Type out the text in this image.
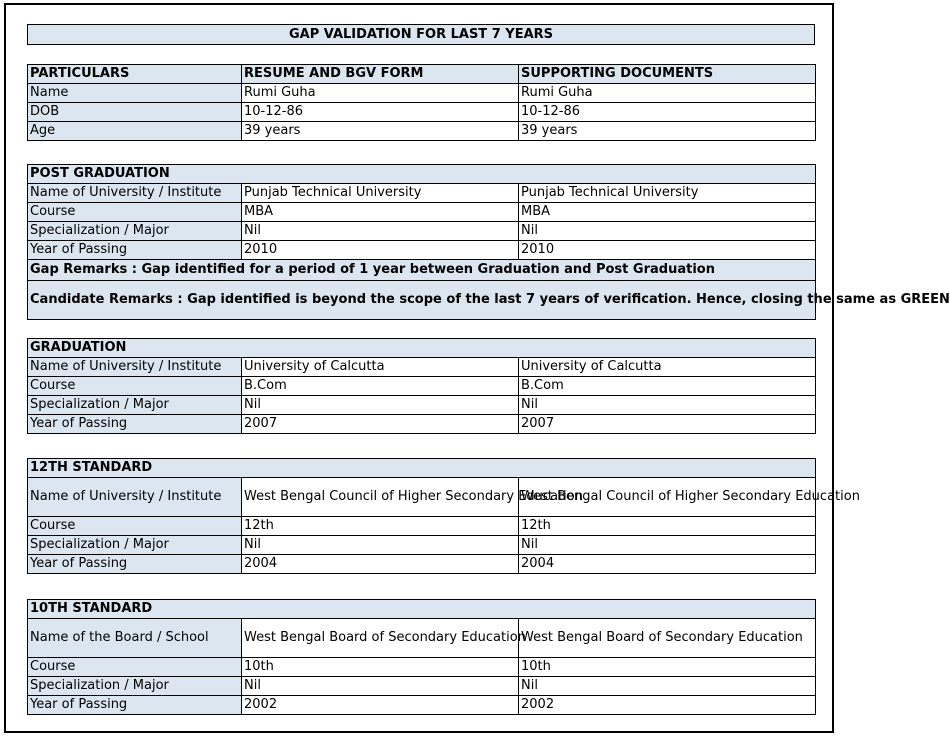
GAP VALIDATION FOR LAST 7 YEARS
PARTICULARS	RESUME AND BGV FORM	SUPPORTING DOCUMENTS
Name	Rumi Guha	Rumi Guha
DOB	10-12-86	10-12-86
Age	39 years	39 years
POST GRADUATION		
Name of University / Institute	Punjab Technical University	Punjab Technical University
Course	MBA	MBA
Specialization / Major	Nil	Nil
Year of Passing	2010	2010
Gap Remarks : Gap identified for a period of 1 year between Graduation and Post Graduation		
Candidate Remarks : Gap identified is beyond the scope of the last 7 years of verification. Hence, closing the same as GREEN		
GRADUATION		
Name of University / Institute	University of Calcutta	University of Calcutta
Course	B.Com	B.Com
Specialization / Major	Nil	Nil
Year of Passing	2007	2007
12TH STANDARD		
Name of University / Institute	West Bengal Council of Higher Secondary Education	West Bengal Council of Higher Secondary Education
Course	12th	12th
Specialization / Major	Nil	Nil
Year of Passing	2004	2004
10TH STANDARD		
Name of the Board / School	West Bengal Board of Secondary Education	West Bengal Board of Secondary Education
Course	10th	10th
Specialization / Major	Nil	Nil
Year of Passing	2002	2002
